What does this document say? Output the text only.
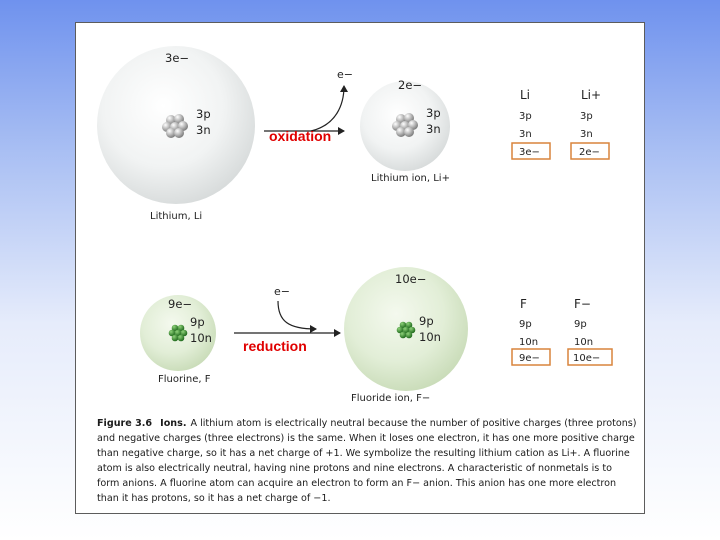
3e−
3p
3n
Lithium, Li
e−
oxidation
2e−
3p
3n
Lithium ion, Li+
Li	Li+
3p	3p
3n	3n
3e−	2e−
9e−
9p
10n
Fluorine, F
e−
reduction
10e−
9p
10n
Fluoride ion, F−
F	F−
9p	9p
10n	10n
9e−	10e−
Figure 3.6 Ions. A lithium atom is electrically neutral because the number of positive charges (three protons) and negative charges (three electrons) is the same. When it loses one electron, it has one more positive charge than negative charge, so it has a net charge of +1. We symbolize the resulting lithium cation as Li+. A fluorine atom is also electrically neutral, having nine protons and nine electrons. A characteristic of nonmetals is to form anions. A fluorine atom can acquire an electron to form an F− anion. This anion has one more electron than it has protons, so it has a net charge of −1.
